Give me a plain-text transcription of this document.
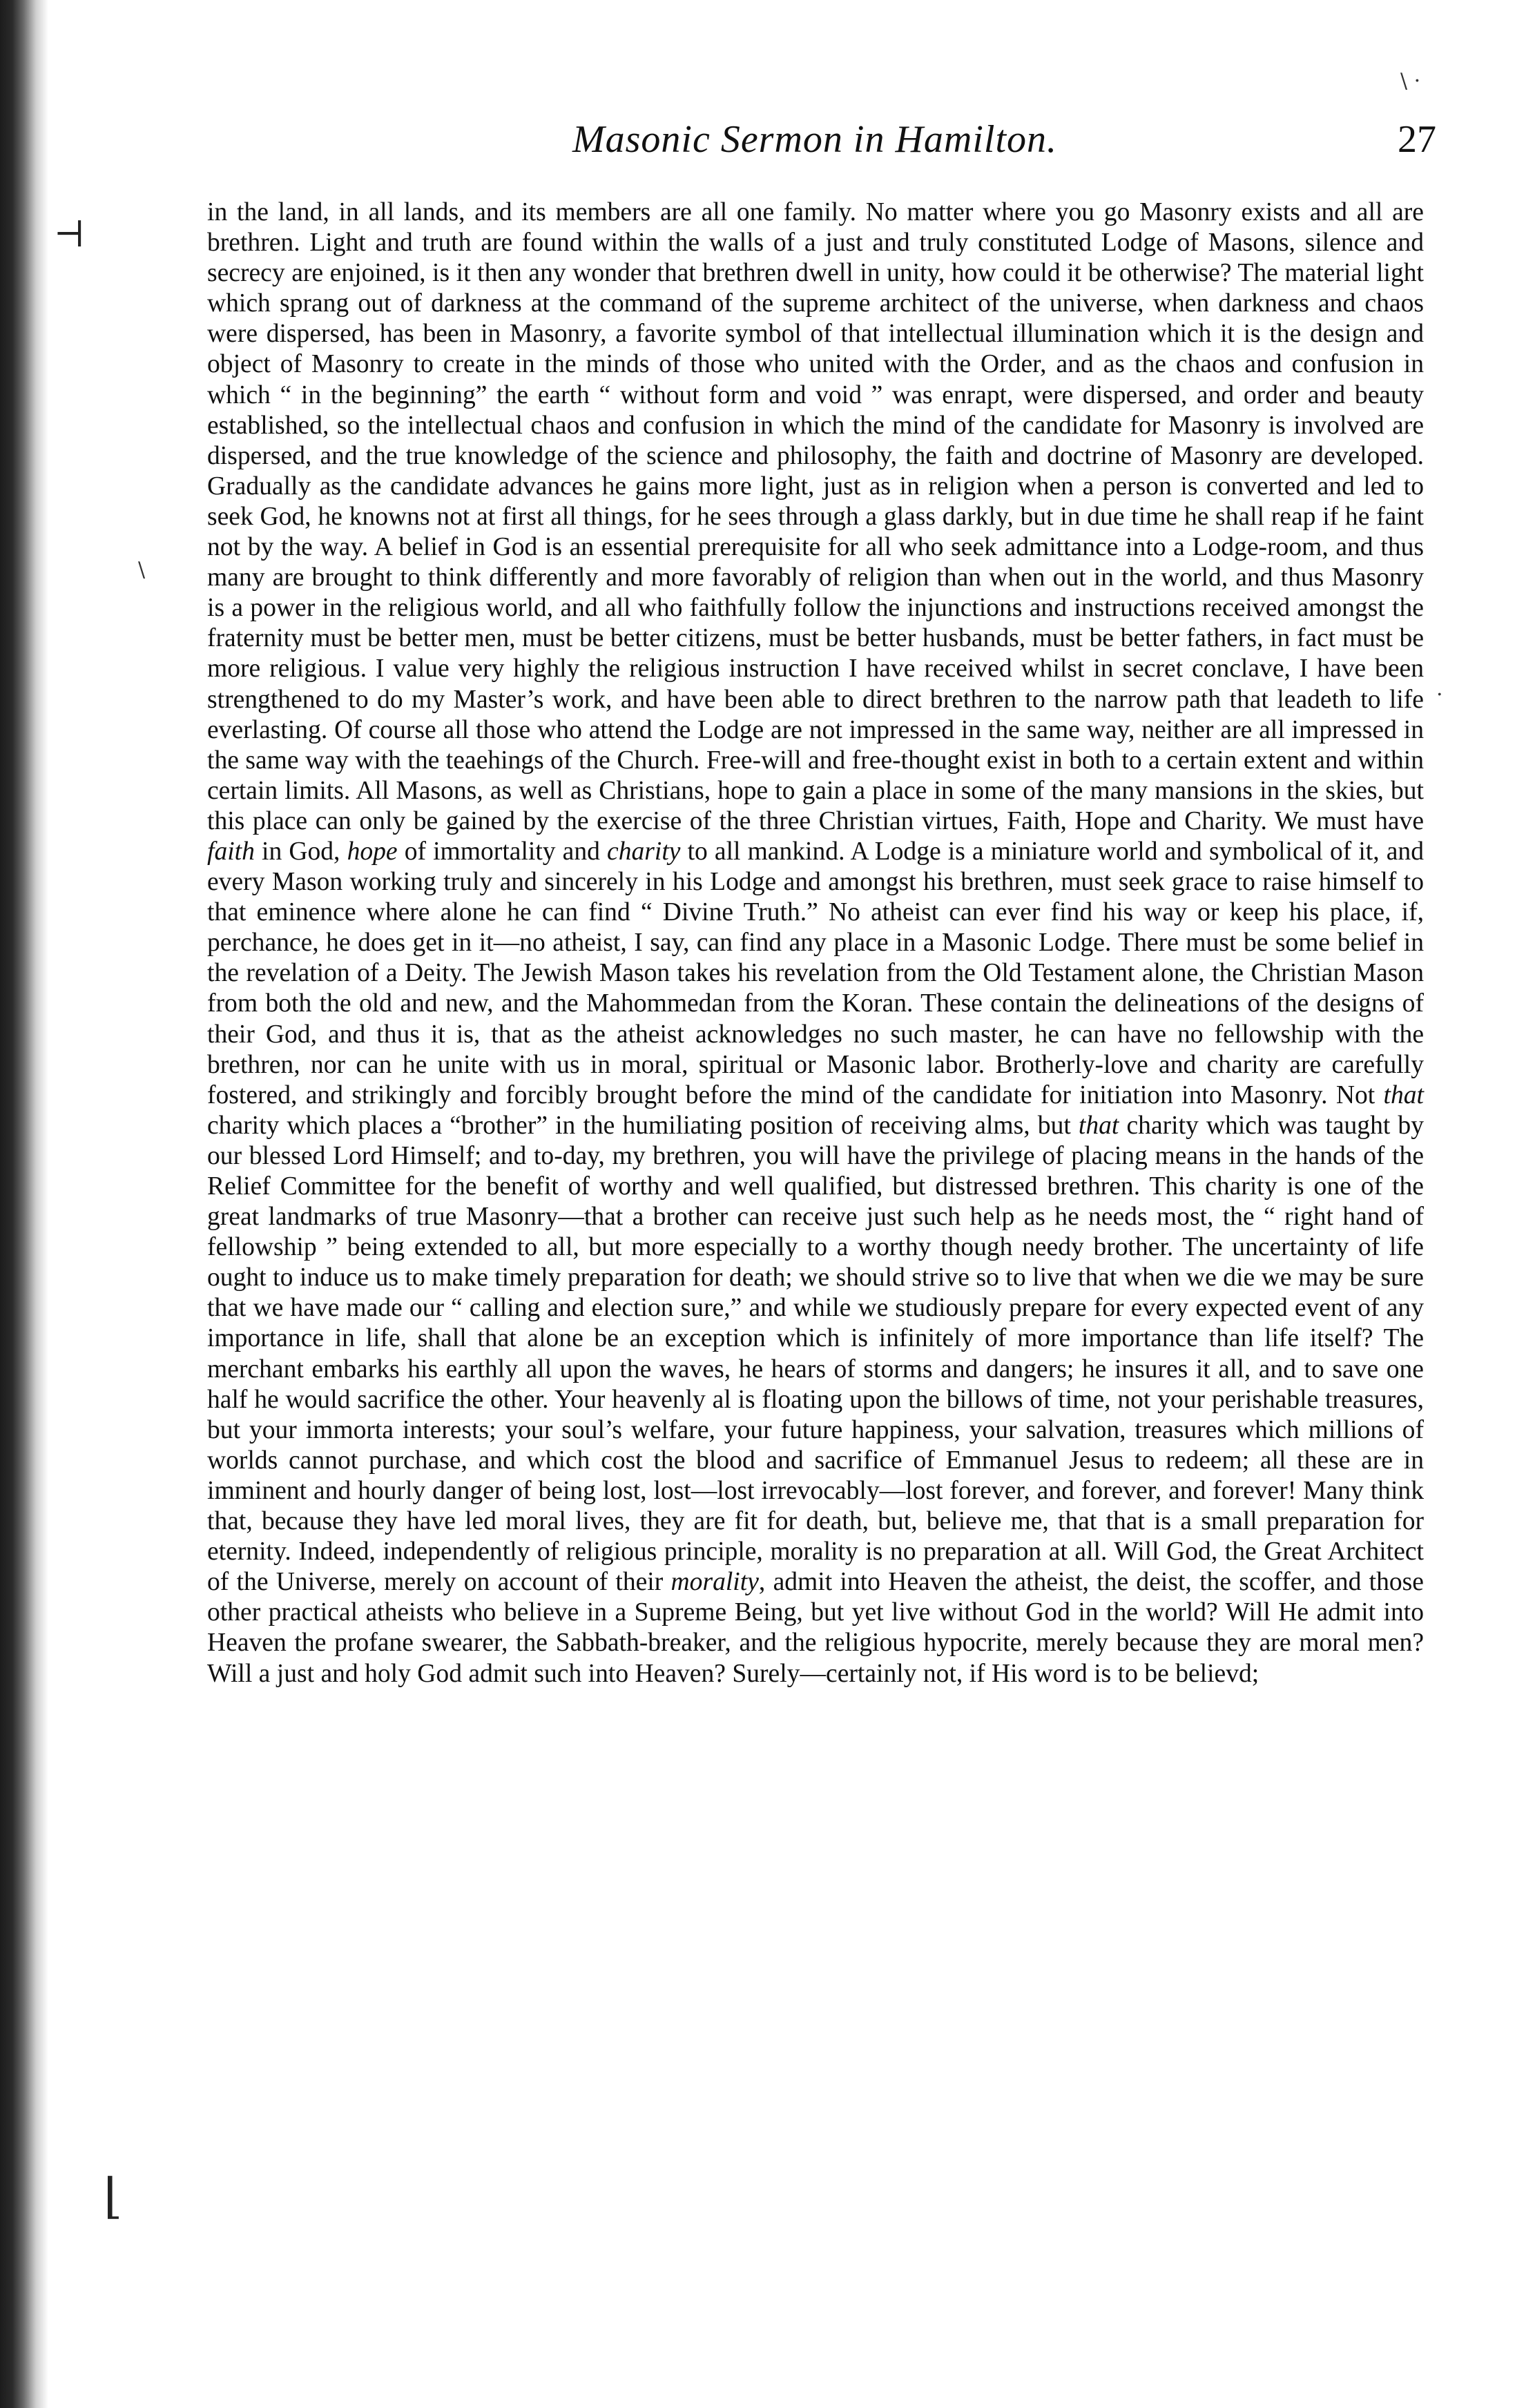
⊣
⌊
\ ·
\
.
Masonic Sermon in Hamilton.	27

in the land, in all lands, and its members are all one family. No matter where you go Masonry exists and all are brethren. Light and truth are found within the walls of a just and truly constituted Lodge of Masons, silence and secrecy are enjoined, is it then any wonder that brethren dwell in unity, how could it be otherwise? The material light which sprang out of darkness at the command of the supreme architect of the universe, when darkness and chaos were dispersed, has been in Masonry, a favorite symbol of that intellectual illumination which it is the design and object of Masonry to create in the minds of those who united with the Order, and as the chaos and confusion in which “ in the beginning” the earth “ without form and void ” was enrapt, were dispersed, and order and beauty established, so the intellectual chaos and confusion in which the mind of the candidate for Masonry is involved are dispersed, and the true knowledge of the science and philosophy, the faith and doctrine of Masonry are developed. Gradually as the candidate advances he gains more light, just as in religion when a person is converted and led to seek God, he knowns not at first all things, for he sees through a glass darkly, but in due time he shall reap if he faint not by the way. A belief in God is an essential prerequisite for all who seek admittance into a Lodge-room, and thus many are brought to think differently and more favorably of religion than when out in the world, and thus Masonry is a power in the religious world, and all who faithfully follow the injunctions and instructions received amongst the fraternity must be better men, must be better citizens, must be better husbands, must be better fathers, in fact must be more religious. I value very highly the religious instruction I have received whilst in secret conclave, I have been strengthened to do my Master’s work, and have been able to direct brethren to the narrow path that leadeth to life everlasting. Of course all those who attend the Lodge are not impressed in the same way, neither are all impressed in the same way with the teaehings of the Church. Free-will and free-thought exist in both to a certain extent and within certain limits. All Masons, as well as Christians, hope to gain a place in some of the many mansions in the skies, but this place can only be gained by the exercise of the three Christian virtues, Faith, Hope and Charity. We must have faith in God, hope of immortality and charity to all mankind. A Lodge is a miniature world and symbolical of it, and every Mason working truly and sincerely in his Lodge and amongst his brethren, must seek grace to raise himself to that eminence where alone he can find “ Divine Truth.” No atheist can ever find his way or keep his place, if, perchance, he does get in it—no atheist, I say, can find any place in a Masonic Lodge. There must be some belief in the revelation of a Deity. The Jewish Mason takes his revelation from the Old Testament alone, the Christian Mason from both the old and new, and the Mahommedan from the Koran. These contain the delineations of the designs of their God, and thus it is, that as the atheist acknowledges no such master, he can have no fellowship with the brethren, nor can he unite with us in moral, spiritual or Masonic labor. Brotherly-love and charity are carefully fostered, and strikingly and forcibly brought before the mind of the candidate for initiation into Masonry. Not that charity which places a “brother” in the humiliating position of receiving alms, but that charity which was taught by our blessed Lord Himself; and to-day, my brethren, you will have the privilege of placing means in the hands of the Relief Committee for the benefit of worthy and well qualified, but distressed brethren. This charity is one of the great landmarks of true Masonry—that a brother can receive just such help as he needs most, the “ right hand of fellowship ” being extended to all, but more especially to a worthy though needy brother. The uncertainty of life ought to induce us to make timely preparation for death; we should strive so to live that when we die we may be sure that we have made our “ calling and election sure,” and while we studiously prepare for every expected event of any importance in life, shall that alone be an exception which is infinitely of more importance than life itself? The merchant embarks his earthly all upon the waves, he hears of storms and dangers; he insures it all, and to save one half he would sacrifice the other. Your heavenly al is floating upon the billows of time, not your perishable treasures, but your immorta interests; your soul’s welfare, your future happiness, your salvation, treasures which millions of worlds cannot purchase, and which cost the blood and sacrifice of Emmanuel Jesus to redeem; all these are in imminent and hourly danger of being lost, lost—lost irrevocably—lost forever, and forever, and forever! Many think that, because they have led moral lives, they are fit for death, but, believe me, that that is a small preparation for eternity. Indeed, independently of religious principle, morality is no preparation at all. Will God, the Great Architect of the Universe, merely on account of their morality, admit into Heaven the atheist, the deist, the scoffer, and those other practical atheists who believe in a Supreme Being, but yet live without God in the world? Will He admit into Heaven the profane swearer, the Sabbath-breaker, and the religious hypocrite, merely because they are moral men? Will a just and holy God admit such into Heaven? Surely—certainly not, if His word is to be believd;
